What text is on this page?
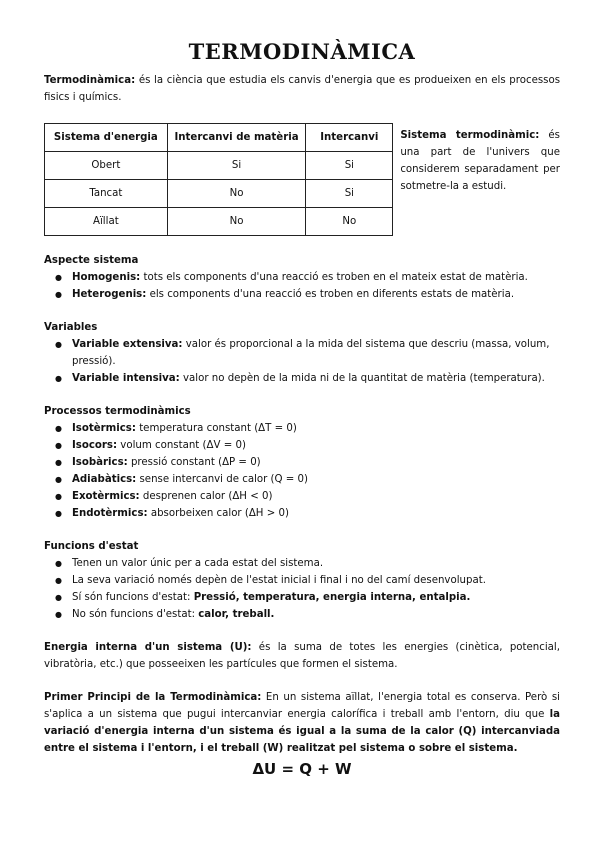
TERMODINÀMICA

Termodinàmica: és la ciència que estudia els canvis d'energia que es produeixen en els processos fisics i químics.

Sistema d'energia	Intercanvi de matèria	Intercanvi
Obert	Si	Si
Tancat	No	Si
Aïllat	No	No

Sistema termodinàmic: és una part de l'univers que considerem separadament per sotmetre-la a estudi.

Aspecte sistema
● Homogenis: tots els components d'una reacció es troben en el mateix estat de matèria.
● Heterogenis: els components d'una reacció es troben en diferents estats de matèria.
Variables
● Variable extensiva: valor és proporcional a la mida del sistema que descriu (massa, volum, pressió).
● Variable intensiva: valor no depèn de la mida ni de la quantitat de matèria (temperatura).
Processos termodinàmics
● Isotèrmics: temperatura constant (ΔT = 0)
● Isocors: volum constant (ΔV = 0)
● Isobàrics: pressió constant (ΔP = 0)
● Adiabàtics: sense intercanvi de calor (Q = 0)
● Exotèrmics: desprenen calor (ΔH < 0)
● Endotèrmics: absorbeixen calor (ΔH > 0)
Funcions d'estat
● Tenen un valor únic per a cada estat del sistema.
● La seva variació només depèn de l'estat inicial i final i no del camí desenvolupat.
● Sí són funcions d'estat: Pressió, temperatura, energia interna, entalpia.
● No són funcions d'estat: calor, treball.

Energia interna d'un sistema (U): és la suma de totes les energies (cinètica, potencial, vibratòria, etc.) que posseeixen les partícules que formen el sistema.

Primer Principi de la Termodinàmica: En un sistema aïllat, l'energia total es conserva. Però si s'aplica a un sistema que pugui intercanviar energia calorífica i treball amb l'entorn, diu que la variació d'energia interna d'un sistema és igual a la suma de la calor (Q) intercanviada entre el sistema i l'entorn, i el treball (W) realitzat pel sistema o sobre el sistema.

ΔU = Q + W
